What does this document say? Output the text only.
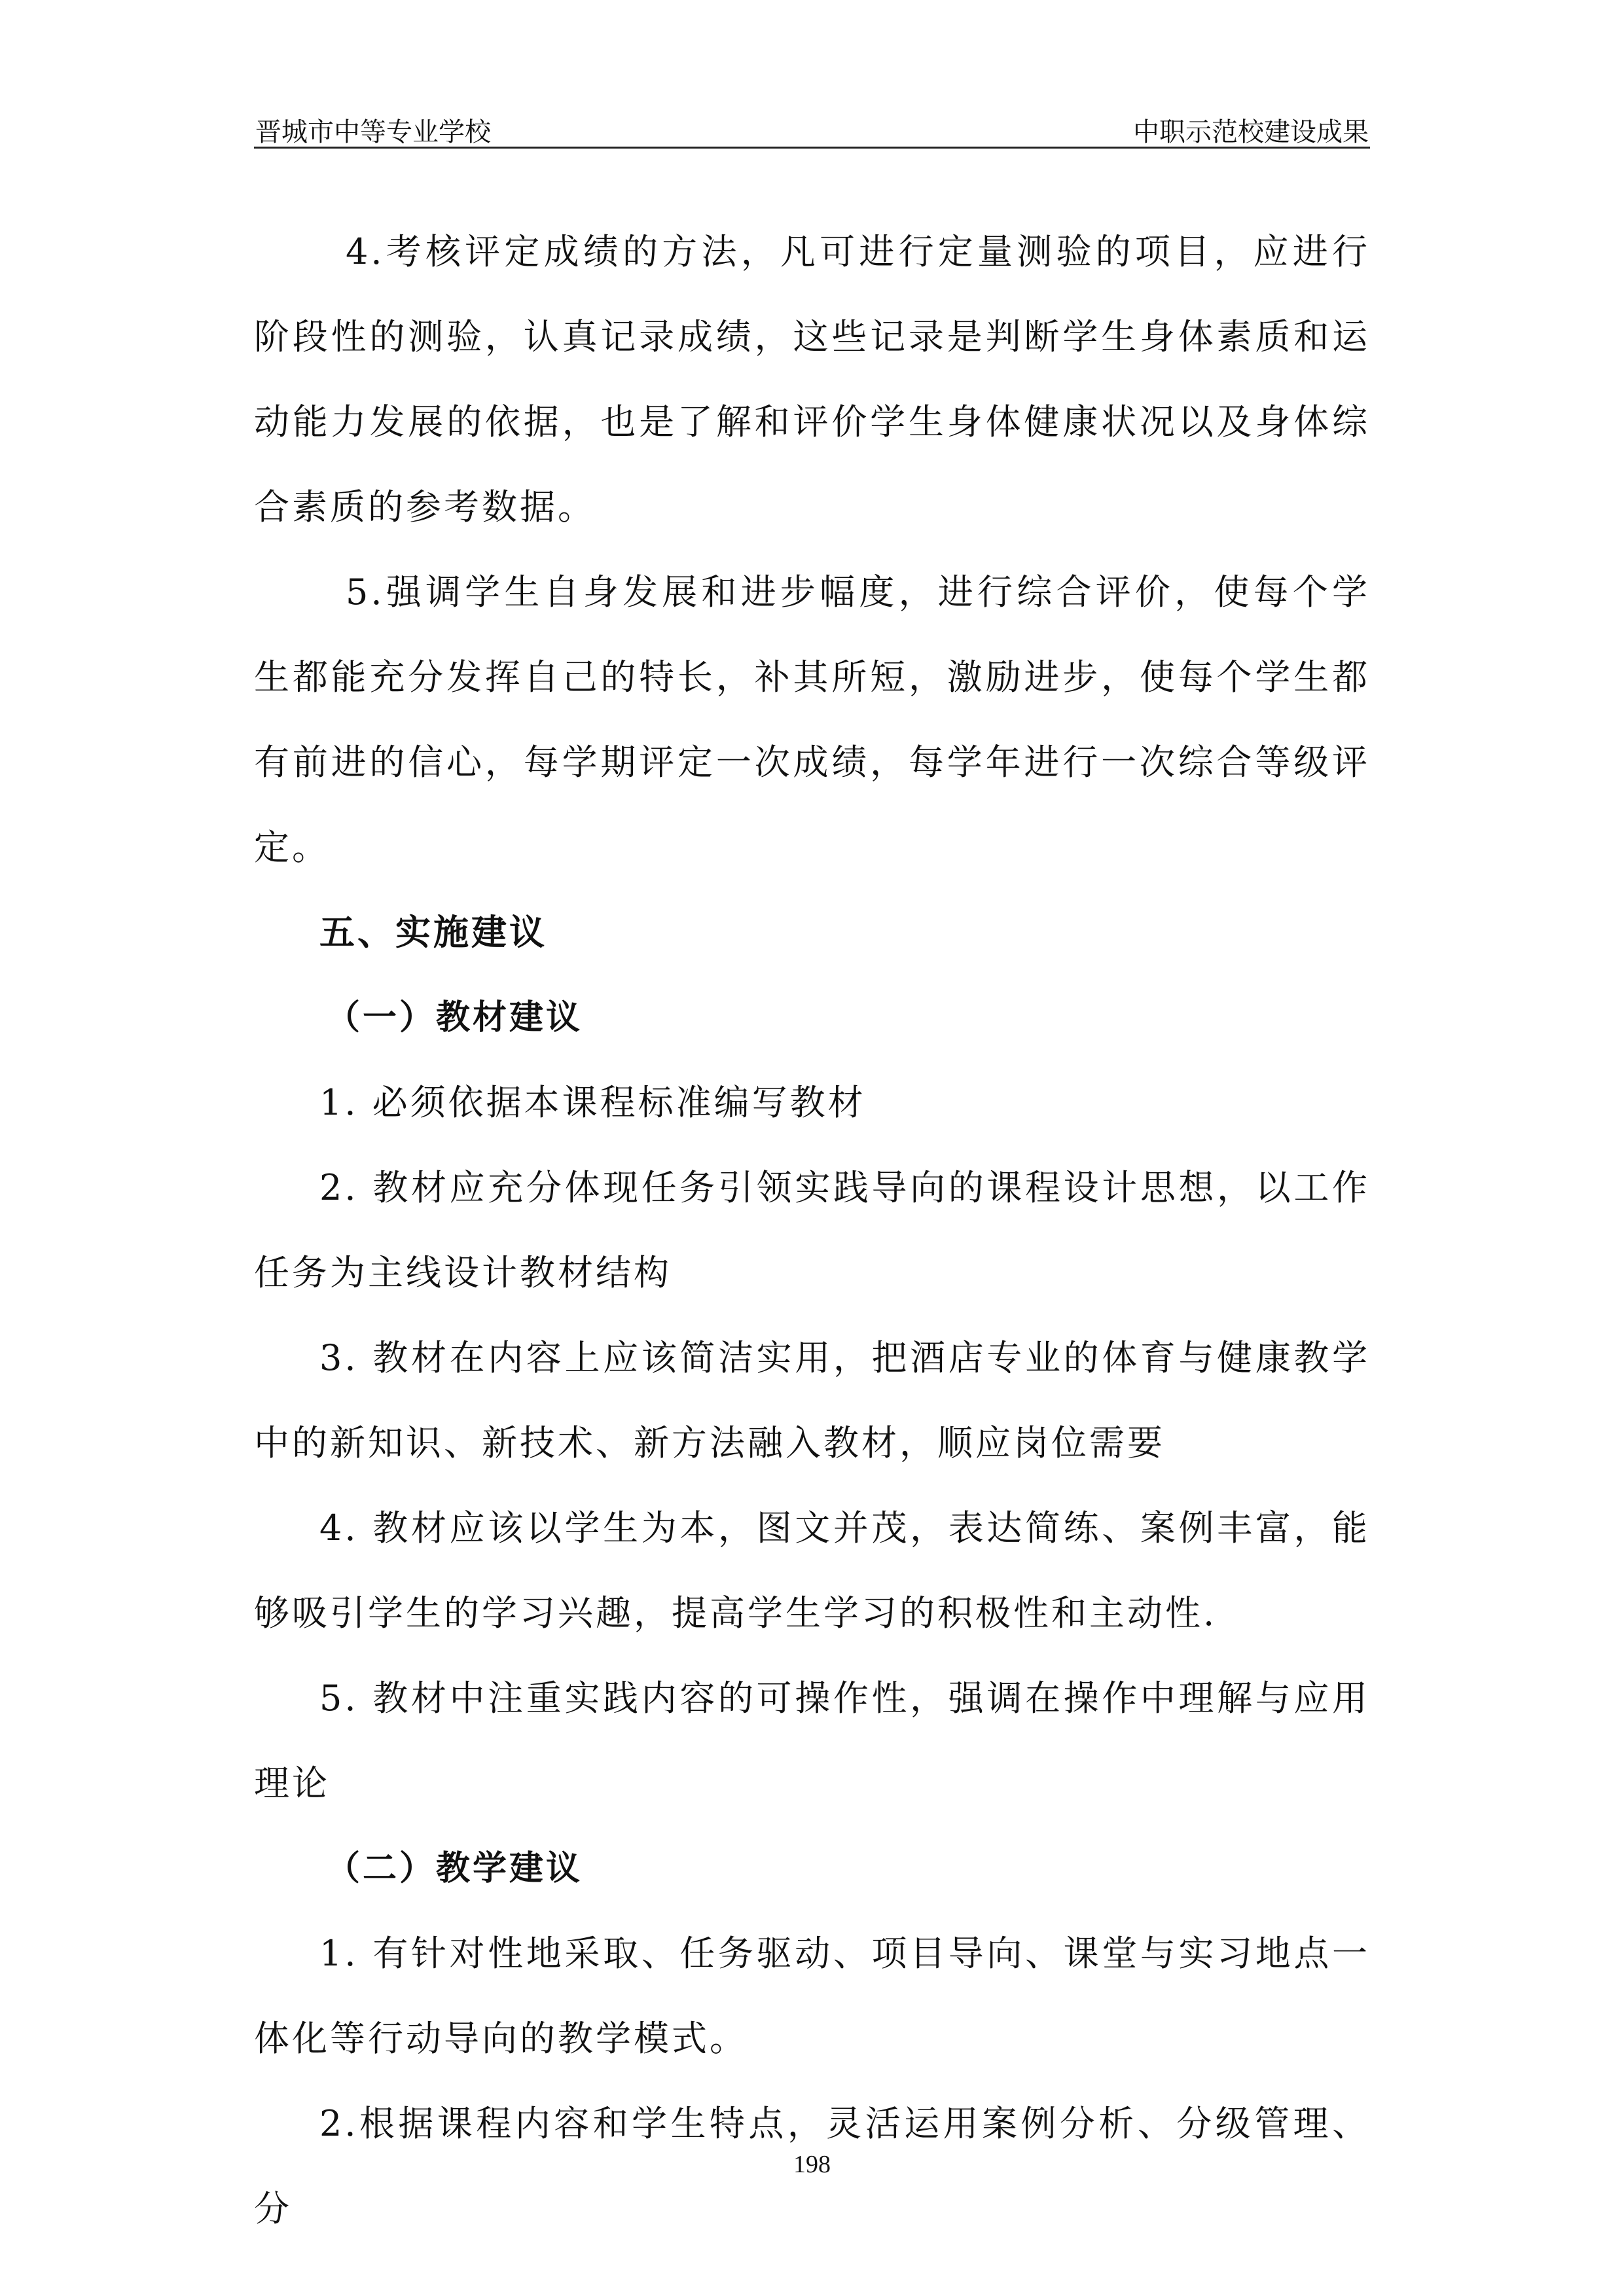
晋城市中等专业学校	中职示范校建设成果

4.考核评定成绩的方法，凡可进行定量测验的项目，应进行阶段性的测验，认真记录成绩，这些记录是判断学生身体素质和运动能力发展的依据，也是了解和评价学生身体健康状况以及身体综合素质的参考数据。

5.强调学生自身发展和进步幅度，进行综合评价，使每个学生都能充分发挥自己的特长，补其所短，激励进步，使每个学生都有前进的信心，每学期评定一次成绩，每学年进行一次综合等级评定。

五、实施建议

（一）教材建议

1. 必须依据本课程标准编写教材

2. 教材应充分体现任务引领实践导向的课程设计思想，以工作任务为主线设计教材结构

3. 教材在内容上应该简洁实用，把酒店专业的体育与健康教学中的新知识、新技术、新方法融入教材，顺应岗位需要

4. 教材应该以学生为本，图文并茂，表达简练、案例丰富，能够吸引学生的学习兴趣，提高学生学习的积极性和主动性.

5. 教材中注重实践内容的可操作性，强调在操作中理解与应用理论

（二）教学建议

1. 有针对性地采取、任务驱动、项目导向、课堂与实习地点一体化等行动导向的教学模式。

2.根据课程内容和学生特点，灵活运用案例分析、分级管理、分

198
